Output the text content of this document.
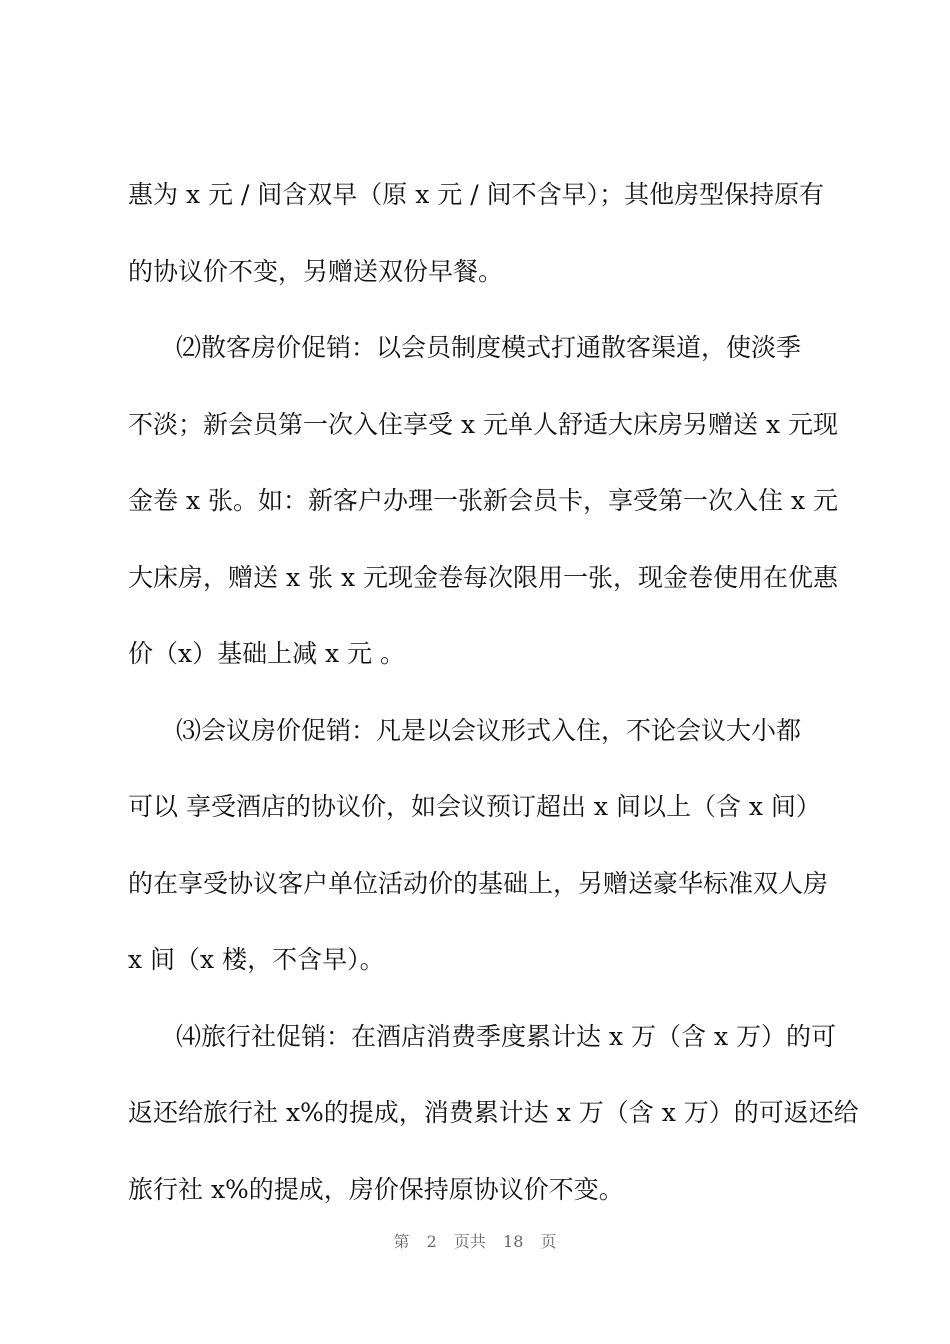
惠为 x 元 / 间含双早（原 x 元 / 间不含早）；其他房型保持原有
的协议价不变，另赠送双份早餐。
⑵散客房价促销：以会员制度模式打通散客渠道，使淡季
不淡；新会员第一次入住享受 x 元单人舒适大床房另赠送 x 元现
金卷 x 张。如：新客户办理一张新会员卡，享受第一次入住 x 元
大床房，赠送 x 张 x 元现金卷每次限用一张，现金卷使用在优惠
价（x）基础上减 x 元 。
⑶会议房价促销：凡是以会议形式入住，不论会议大小都
可以 享受酒店的协议价，如会议预订超出 x 间以上（含 x 间）
的在享受协议客户单位活动价的基础上，另赠送豪华标准双人房
x 间（x 楼，不含早）。
⑷旅行社促销：在酒店消费季度累计达 x 万（含 x 万）的可
返还给旅行社 x%的提成，消费累计达 x 万（含 x 万）的可返还给
旅行社 x%的提成，房价保持原协议价不变。
第 2 页共 18 页
